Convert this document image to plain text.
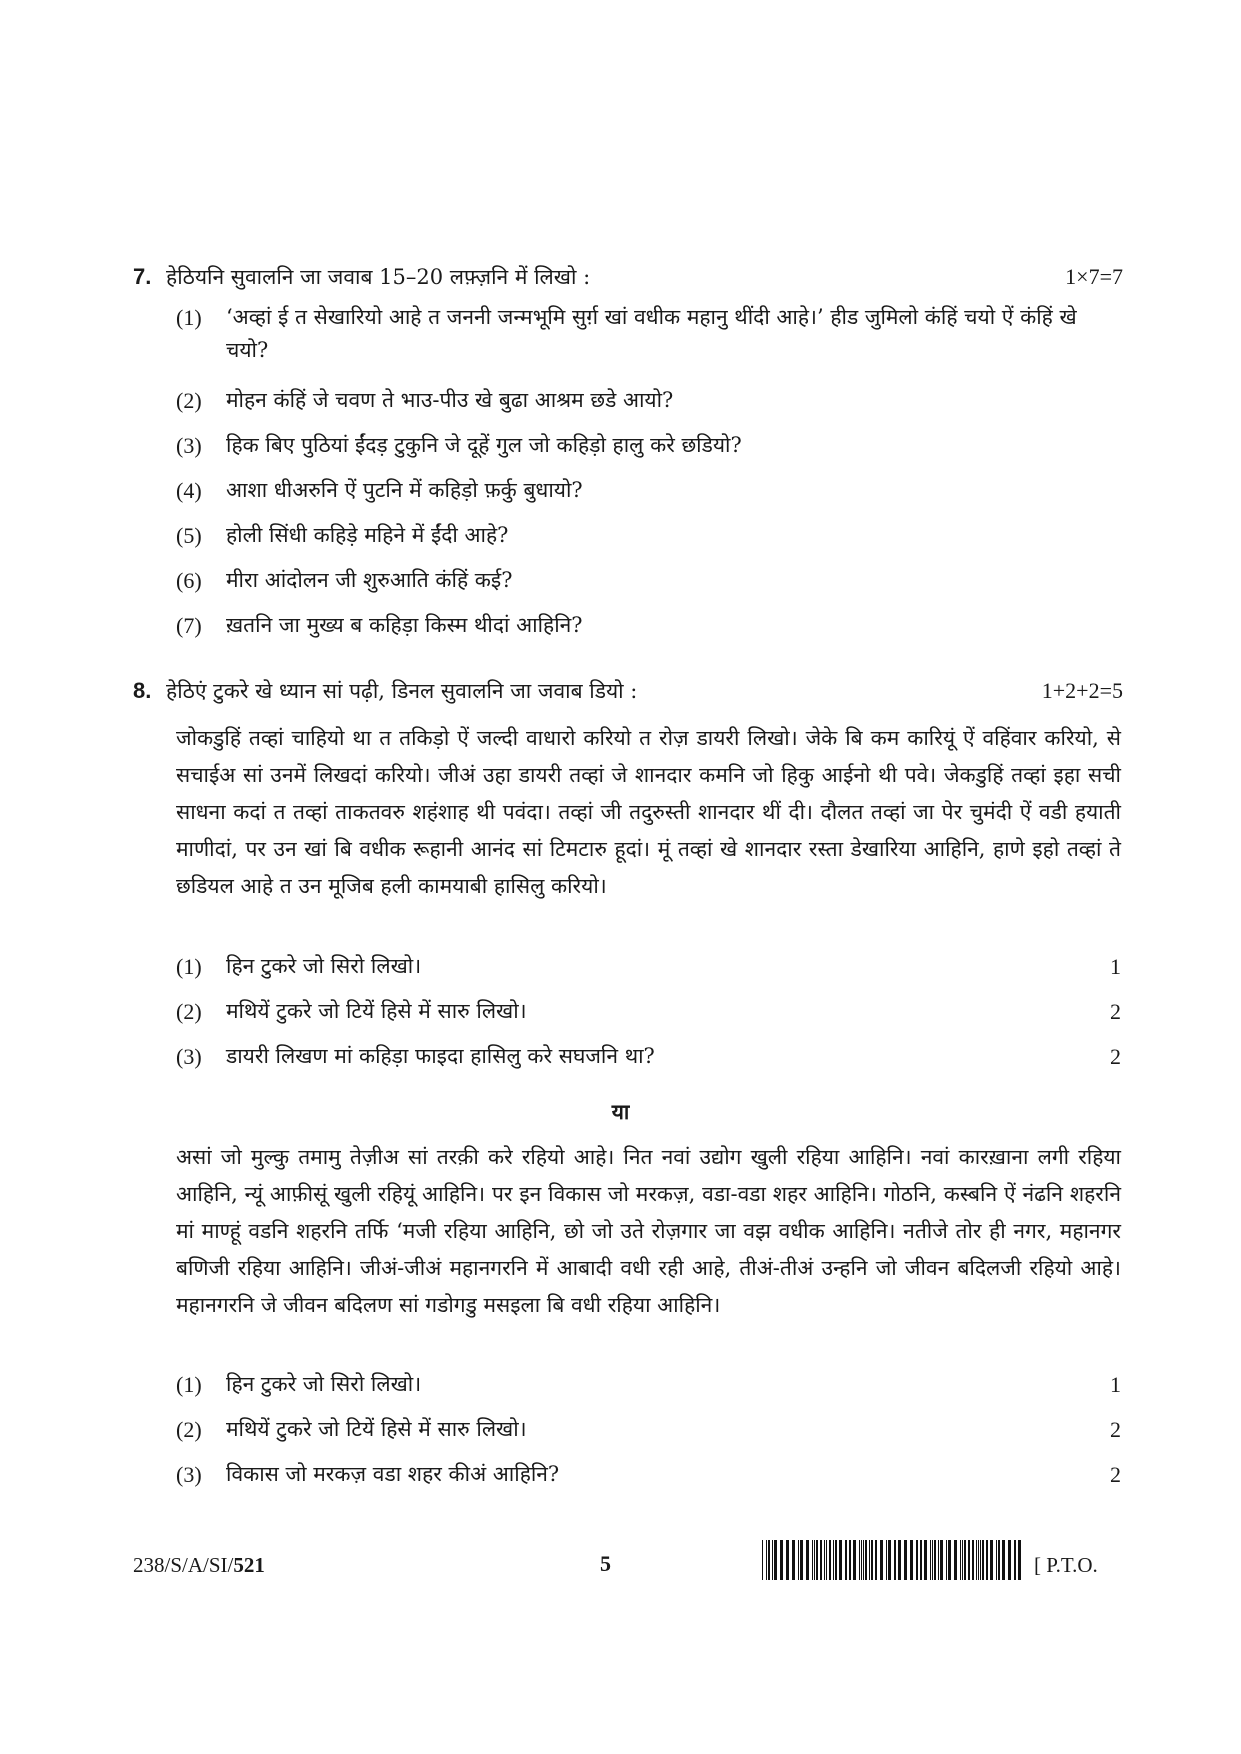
7. हेठियनि सुवालनि जा जवाब 15–20 लफ़्ज़नि में लिखो :	1×7=7
(1) ‘अव्हां ई त सेखारियो आहे त जननी जन्मभूमि सुर्ग़ खां वधीक महानु थींदी आहे।’ हीड जुमिलो कंहिं चयो ऐं कंहिं खे चयो?
(2) मोहन कंहिं जे चवण ते भाउ-पीउ खे बुढा आश्रम छडे आयो?
(3) हिक बिए पुठियां ईंदड़ टुकुनि जे दूहें गुल जो कहिड़ो हालु करे छडियो?
(4) आशा धीअरुनि ऐं पुटनि में कहिड़ो फ़र्कु बुधायो?
(5) होली सिंधी कहिड़े महिने में ईंदी आहे?
(6) मीरा आंदोलन जी शुरुआति कंहिं कई?
(7) ख़तनि जा मुख्य ब कहिड़ा किस्म थीदां आहिनि?
8. हेठिएं टुकरे खे ध्यान सां पढ़ी, डिनल सुवालनि जा जवाब डियो :	1+2+2=5
जोकडुहिं तव्हां चाहियो था त तकिड़ो ऐं जल्दी वाधारो करियो त रोज़ डायरी लिखो। जेके बि कम कारियूं ऐं वहिंवार करियो, से सचाईअ सां उनमें लिखदां करियो। जीअं उहा डायरी तव्हां जे शानदार कमनि जो हिकु आईनो थी पवे। जेकडुहिं तव्हां इहा सची साधना कदां त तव्हां ताकतवरु शहंशाह थी पवंदा। तव्हां जी तदुरुस्ती शानदार थीं दी। दौलत तव्हां जा पेर चुमंदी ऐं वडी हयाती माणीदां, पर उन खां बि वधीक रूहानी आनंद सां टिमटारु हूदां। मूं तव्हां खे शानदार रस्ता डेखारिया आहिनि, हाणे इहो तव्हां ते छडियल आहे त उन मूजिब हली कामयाबी हासिलु करियो।
(1) हिन टुकरे जो सिरो लिखो।	1
(2) मथियें टुकरे जो टियें हिसे में सारु लिखो।	2
(3) डायरी लिखण मां कहिड़ा फाइदा हासिलु करे सघजनि था?	2
या
असां जो मुल्कु तमामु तेज़ीअ सां तरक़ी करे रहियो आहे। नित नवां उद्योग खुली रहिया आहिनि। नवां कारख़ाना लगी रहिया आहिनि, न्यूं आफ़ीसूं खुली रहियूं आहिनि। पर इन विकास जो मरकज़, वडा-वडा शहर आहिनि। गोठनि, कस्बनि ऐं नंढनि शहरनि मां माण्हूं वडनि शहरनि तर्फि ‘मजी रहिया आहिनि, छो जो उते रोज़गार जा वझ वधीक आहिनि। नतीजे तोर ही नगर, महानगर बणिजी रहिया आहिनि। जीअं-जीअं महानगरनि में आबादी वधी रही आहे, तीअं-तीअं उन्हनि जो जीवन बदिलजी रहियो आहे। महानगरनि जे जीवन बदिलण सां गडोगडु मसइला बि वधी रहिया आहिनि।
(1) हिन टुकरे जो सिरो लिखो।	1
(2) मथियें टुकरे जो टियें हिसे में सारु लिखो।	2
(3) विकास जो मरकज़ वडा शहर कीअं आहिनि?	2
238/S/A/SI/521	5	[ P.T.O.
